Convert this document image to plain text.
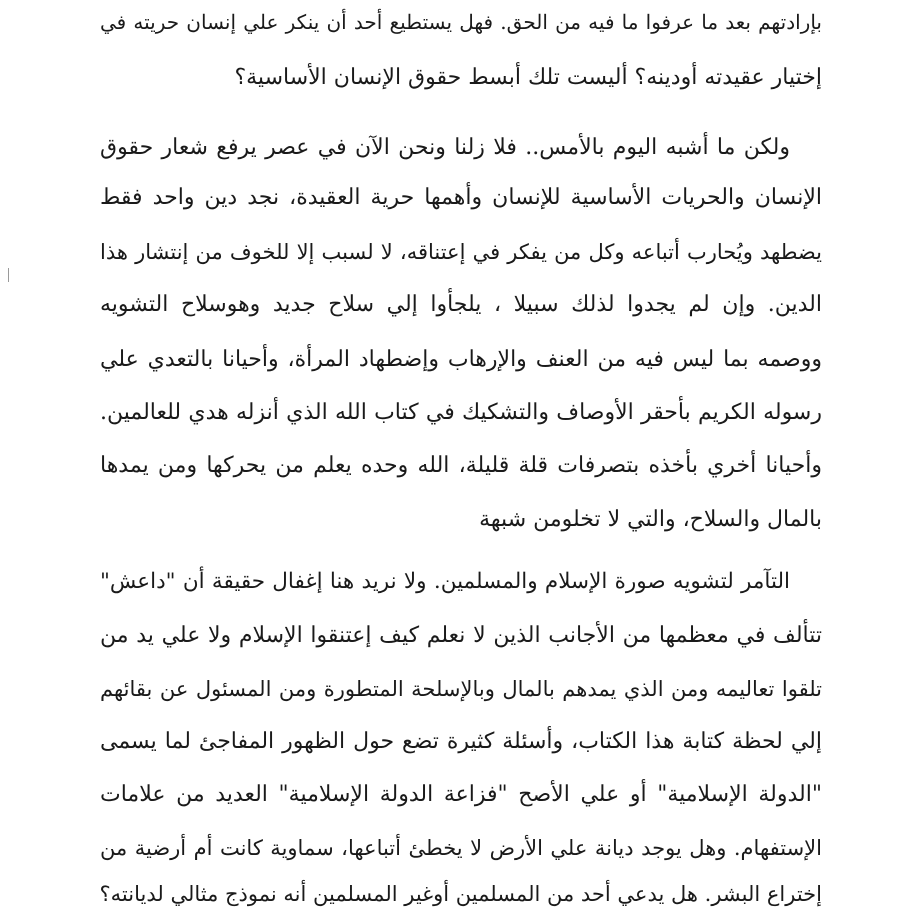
بإرادتهم بعد ما عرفوا ما فيه من الحق. فهل يستطيع أحد أن ينكر علي إنسان حريته في
إختيار عقيدته أودينه؟ أليست تلك أبسط حقوق الإنسان الأساسية؟
ولكن ما أشبه اليوم بالأمس.. فلا زلنا ونحن الآن في عصر يرفع شعار حقوق
الإنسان والحريات الأساسية للإنسان وأهمها حرية العقيدة، نجد دين واحد فقط
يضطهد ويُحارب أتباعه وكل من يفكر في إعتناقه، لا لسبب إلا للخوف من إنتشار هذا
الدين. وإن لم يجدوا لذلك سبيلا ، يلجأوا إلي سلاح جديد وهوسلاح التشويه
ووصمه بما ليس فيه من العنف والإرهاب وإضطهاد المرأة، وأحيانا بالتعدي علي
رسوله الكريم بأحقر الأوصاف والتشكيك في كتاب الله الذي أنزله هدي للعالمين.
وأحيانا أخري بأخذه بتصرفات قلة قليلة، الله وحده يعلم من يحركها ومن يمدها
بالمال والسلاح، والتي لا تخلومن شبهة
التآمر لتشويه صورة الإسلام والمسلمين. ولا نريد هنا إغفال حقيقة أن "داعش"
تتألف في معظمها من الأجانب الذين لا نعلم كيف إعتنقوا الإسلام ولا علي يد من
تلقوا تعاليمه ومن الذي يمدهم بالمال وبالإسلحة المتطورة ومن المسئول عن بقائهم
إلي لحظة كتابة هذا الكتاب، وأسئلة كثيرة تضع حول الظهور المفاجئ لما يسمى
"الدولة الإسلامية" أو علي الأصح "فزاعة الدولة الإسلامية" العديد من علامات
الإستفهام. وهل يوجد ديانة علي الأرض لا يخطئ أتباعها، سماوية كانت أم أرضية من
إختراع البشر. هل يدعي أحد من المسلمين أوغير المسلمين أنه نموذج مثالي لديانته؟
